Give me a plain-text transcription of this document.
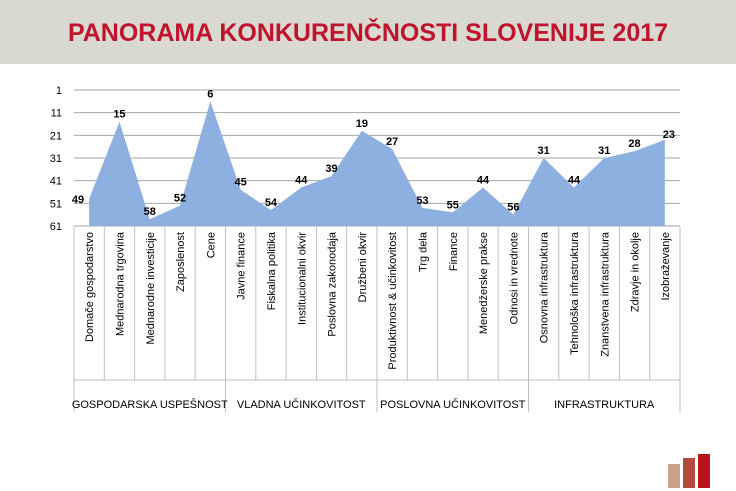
PANORAMA KONKURENČNOSTI SLOVENIJE 2017
1
11
21
31
41
51
61
49
15
58
52
6
45
54
44
39
19
27
53 55
44
56
31
44
31
28
23
Domače gospodarstvo Mednarodna trgovina Mednarodne investicije Zaposlenost Cene Javne finance Fiskalna politika Institucionalni okvir Poslovna zakonodaja Družbeni okvir Produktivnost & učinkovitost Trg dela Finance Menedžerske prakse Odnosi in vrednote Osnovna infrastruktura Tehnološka infrastruktura Znanstvena infrastruktura Zdravje in okolje Izobraževanje
GOSPODARSKA USPEŠNOST VLADNA UČINKOVITOST POSLOVNA UČINKOVITOST	INFRASTRUKTURA
